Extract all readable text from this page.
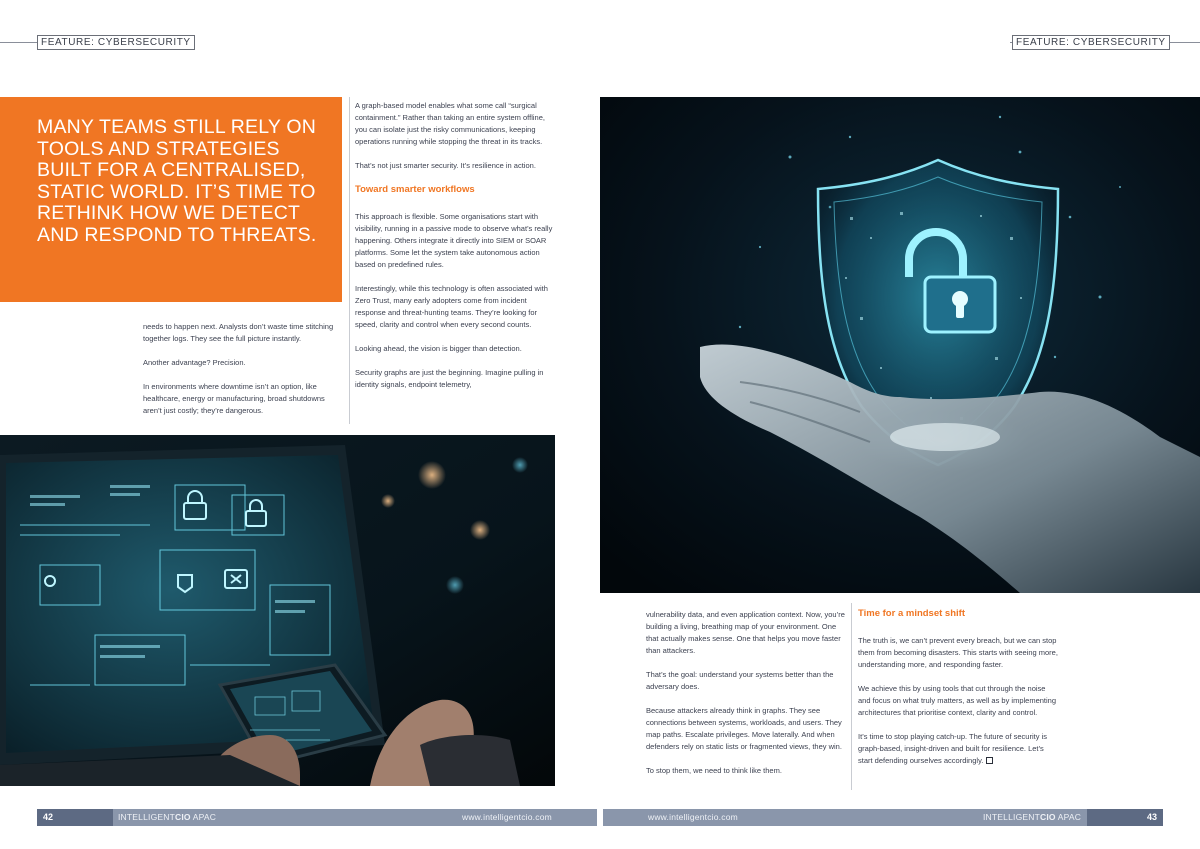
FEATURE: CYBERSECURITY	FEATURE: CYBERSECURITY

MANY TEAMS STILL RELY ON TOOLS AND STRATEGIES BUILT FOR A CENTRALISED, STATIC WORLD. IT’S TIME TO RETHINK HOW WE DETECT AND RESPOND TO THREATS.

needs to happen next. Analysts don’t waste time stitching together logs. They see the full picture instantly.

Another advantage? Precision.

In environments where downtime isn’t an option, like healthcare, energy or manufacturing, broad shutdowns aren’t just costly; they’re dangerous.

A graph-based model enables what some call “surgical containment.” Rather than taking an entire system offline, you can isolate just the risky communications, keeping operations running while stopping the threat in its tracks.

That’s not just smarter security. It’s resilience in action.

Toward smarter workflows

This approach is flexible. Some organisations start with visibility, running in a passive mode to observe what’s really happening. Others integrate it directly into SIEM or SOAR platforms. Some let the system take autonomous action based on predefined rules.

Interestingly, while this technology is often associated with Zero Trust, many early adopters come from incident response and threat-hunting teams. They’re looking for speed, clarity and control when every second counts.

Looking ahead, the vision is bigger than detection.

Security graphs are just the beginning. Imagine pulling in identity signals, endpoint telemetry,

vulnerability data, and even application context. Now, you’re building a living, breathing map of your environment. One that actually makes sense. One that helps you move faster than attackers.

That’s the goal: understand your systems better than the adversary does.

Because attackers already think in graphs. They see connections between systems, workloads, and users. They map paths. Escalate privileges. Move laterally. And when defenders rely on static lists or fragmented views, they win.

To stop them, we need to think like them.

Time for a mindset shift

The truth is, we can’t prevent every breach, but we can stop them from becoming disasters. This starts with seeing more, understanding more, and responding faster.

We achieve this by using tools that cut through the noise and focus on what truly matters, as well as by implementing architectures that prioritise context, clarity and control.

It’s time to stop playing catch-up. The future of security is graph-based, insight-driven and built for resilience. Let’s start defending ourselves accordingly.

42	43
INTELLIGENTCIO APAC	www.intelligentcio.com	www.intelligentcio.com	INTELLIGENTCIO APAC
